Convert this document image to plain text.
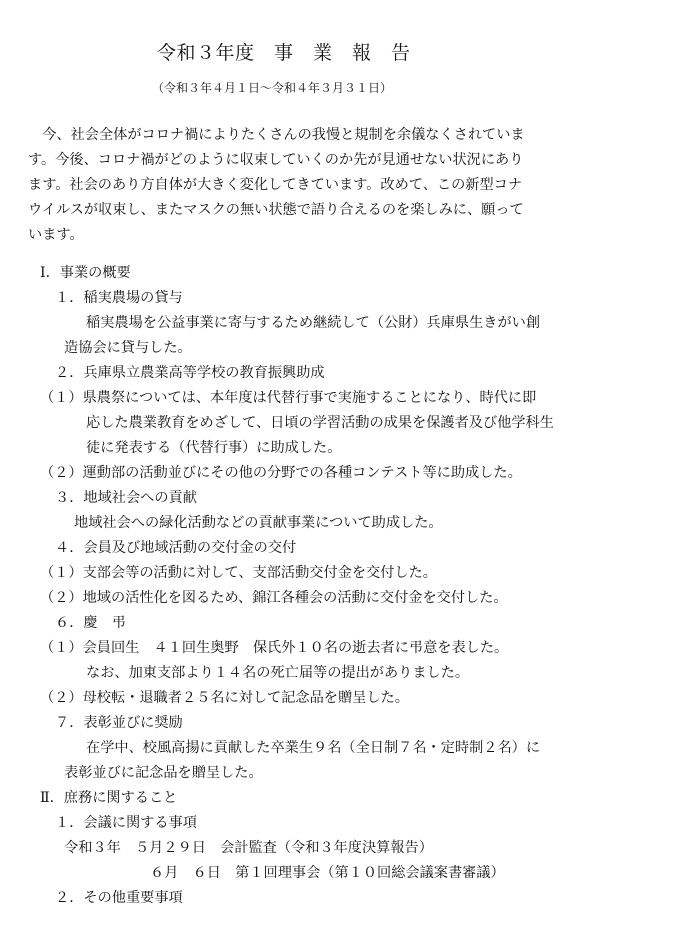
令和３年度　事　業　報　告
（令和３年４月１日～令和４年３月３１日）
　今、社会全体がコロナ禍によりたくさんの我慢と規制を余儀なくされていま
す。今後、コロナ禍がどのように収束していくのか先が見通せない状況にあり
ます。社会のあり方自体が大きく変化してきています。改めて、この新型コナ
ウイルスが収束し、またマスクの無い状態で語り合えるのを楽しみに、願って
います。
Ⅰ．事業の概要
１．稲実農場の貸与
稲実農場を公益事業に寄与するため継続して（公財）兵庫県生きがい創
造協会に貸与した。
２．兵庫県立農業高等学校の教育振興助成
（１）県農祭については、本年度は代替行事で実施することになり、時代に即
応した農業教育をめざして、日頃の学習活動の成果を保護者及び他学科生
徒に発表する（代替行事）に助成した。
（２）運動部の活動並びにその他の分野での各種コンテスト等に助成した。
３．地域社会への貢献
地域社会への緑化活動などの貢献事業について助成した。
４．会員及び地域活動の交付金の交付
（１）支部会等の活動に対して、支部活動交付金を交付した。
（２）地域の活性化を図るため、錦江各種会の活動に交付金を交付した。
６．慶　弔
（１）会員回生　４１回生奥野　保氏外１０名の逝去者に弔意を表した。
なお、加東支部より１４名の死亡届等の提出がありました。
（２）母校転・退職者２５名に対して記念品を贈呈した。
７．表彰並びに奨励
在学中、校風高揚に貢献した卒業生９名（全日制７名・定時制２名）に
表彰並びに記念品を贈呈した。
Ⅱ．庶務に関すること
１．会議に関する事項
令和３年　５月２９日　会計監査（令和３年度決算報告）
６月　６日　第１回理事会（第１０回総会議案書審議）
２．その他重要事項
